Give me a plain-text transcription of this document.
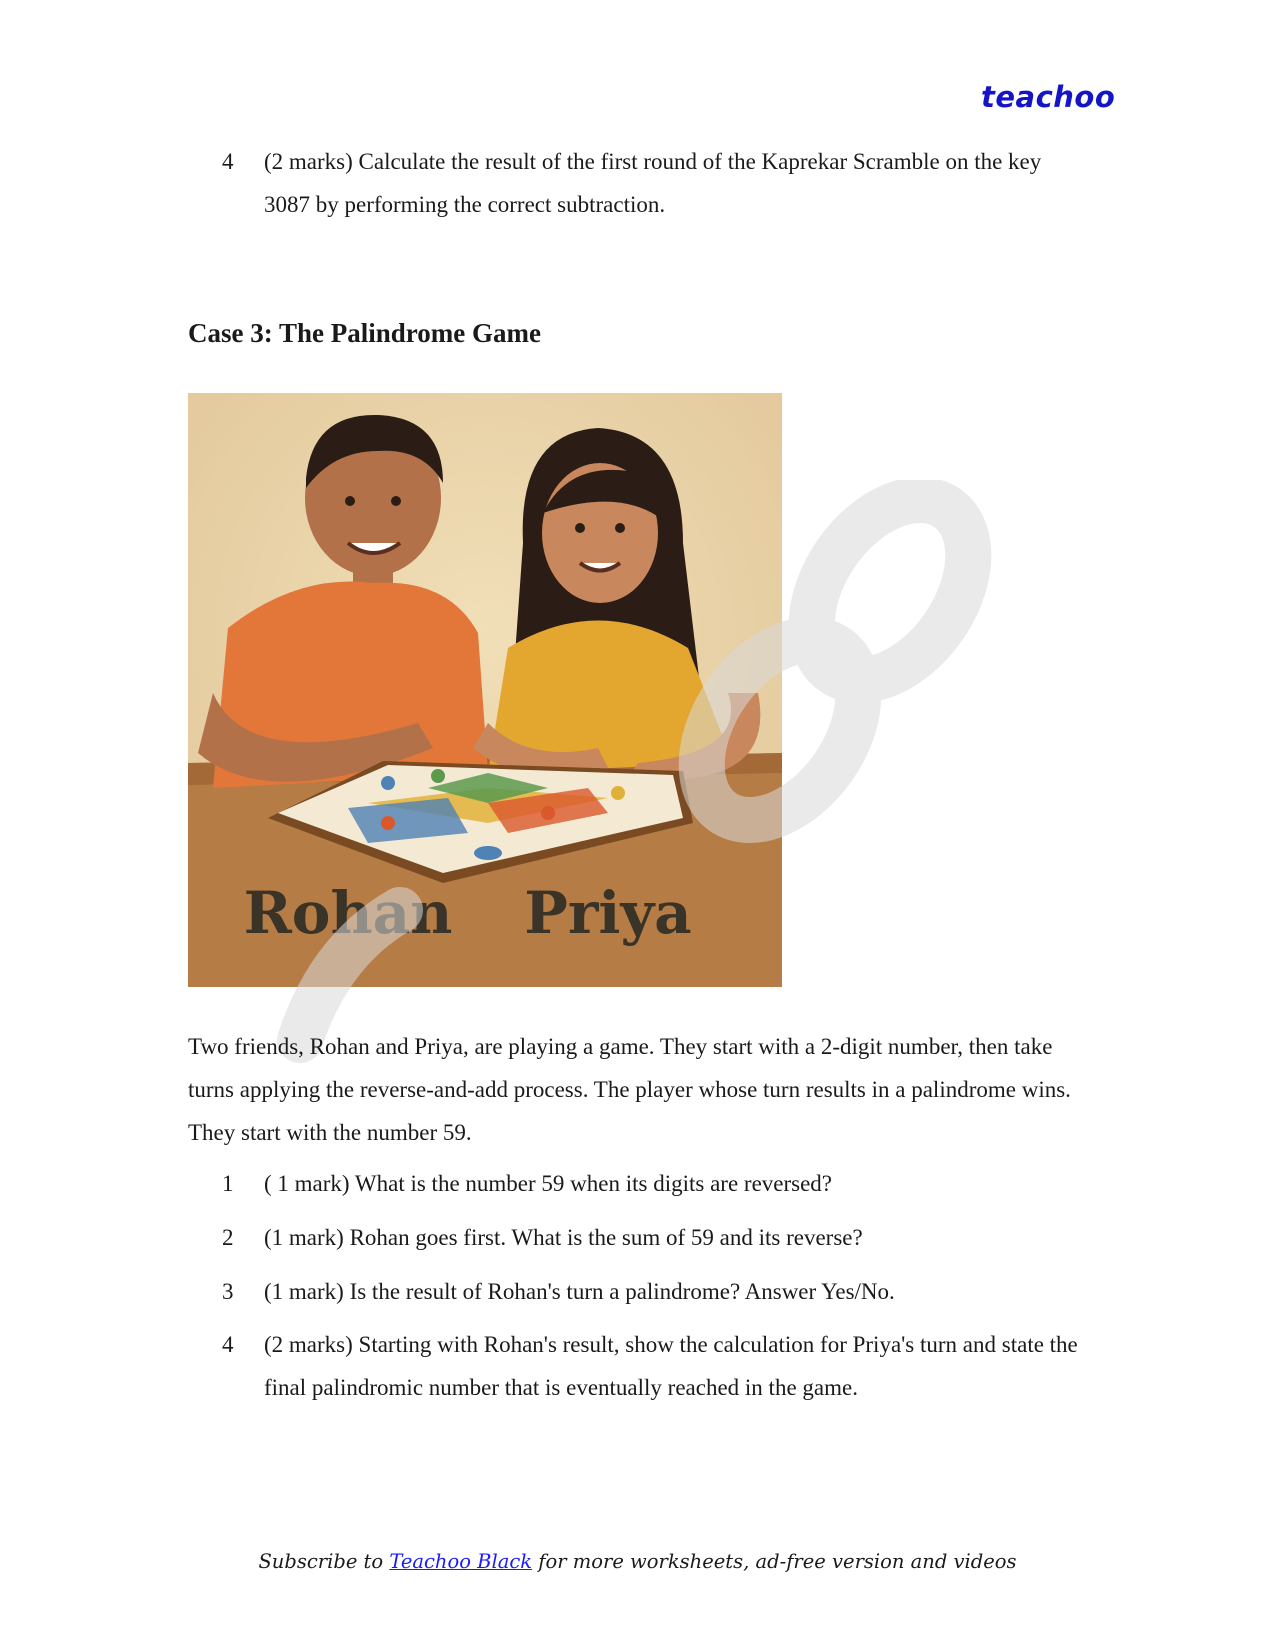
teachoo
4 (2 marks) Calculate the result of the first round of the Kaprekar Scramble on the key 3087 by performing the correct subtraction.
Case 3: The Palindrome Game
Rohan Priya
Two friends, Rohan and Priya, are playing a game. They start with a 2-digit number, then take turns applying the reverse-and-add process. The player whose turn results in a palindrome wins. They start with the number 59.
1 ( 1 mark) What is the number 59 when its digits are reversed?
2 (1 mark) Rohan goes first. What is the sum of 59 and its reverse?
3 (1 mark) Is the result of Rohan's turn a palindrome? Answer Yes/No.
4 (2 marks) Starting with Rohan's result, show the calculation for Priya's turn and state the final palindromic number that is eventually reached in the game.
Subscribe to Teachoo Black for more worksheets, ad-free version and videos
